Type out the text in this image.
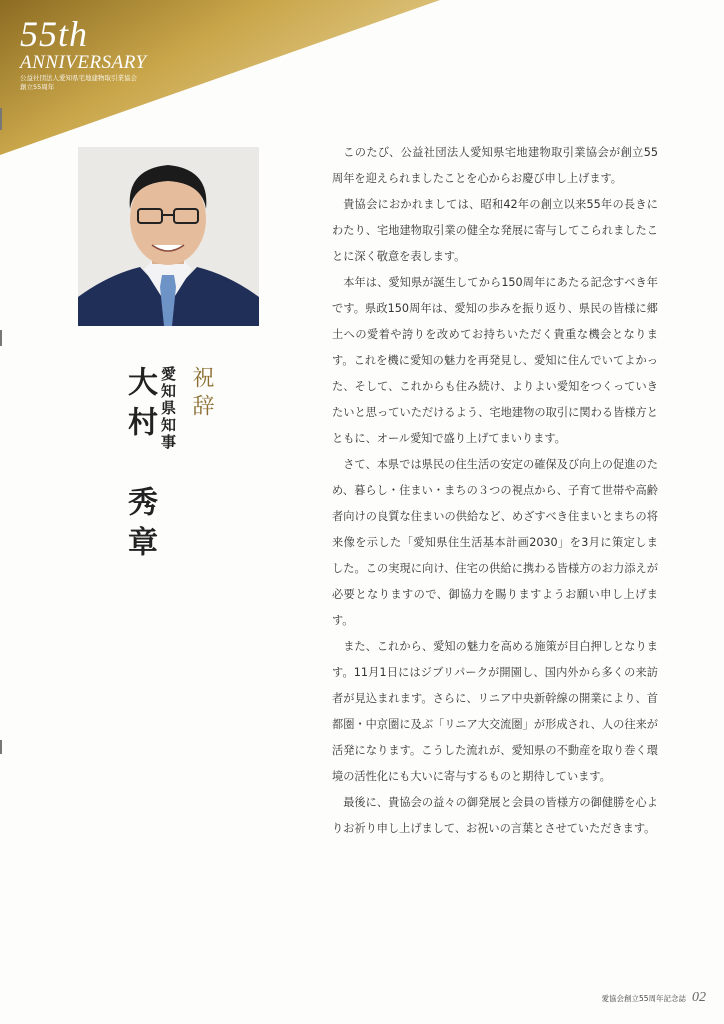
55th
ANNIVERSARY
公益社団法人愛知県宅地建物取引業協会
創立55周年
祝辞
愛知県知事
大村　秀章

このたび、公益社団法人愛知県宅地建物取引業協会が創立55周年を迎えられましたことを心からお慶び申し上げます。

貴協会におかれましては、昭和42年の創立以来55年の長きにわたり、宅地建物取引業の健全な発展に寄与してこられましたことに深く敬意を表します。

本年は、愛知県が誕生してから150周年にあたる記念すべき年です。県政150周年は、愛知の歩みを振り返り、県民の皆様に郷土への愛着や誇りを改めてお持ちいただく貴重な機会となります。これを機に愛知の魅力を再発見し、愛知に住んでいてよかった、そして、これからも住み続け、よりよい愛知をつくっていきたいと思っていただけるよう、宅地建物の取引に関わる皆様方とともに、オール愛知で盛り上げてまいります。

さて、本県では県民の住生活の安定の確保及び向上の促進のため、暮らし・住まい・まちの３つの視点から、子育て世帯や高齢者向けの良質な住まいの供給など、めざすべき住まいとまちの将来像を示した「愛知県住生活基本計画2030」を3月に策定しました。この実現に向け、住宅の供給に携わる皆様方のお力添えが必要となりますので、御協力を賜りますようお願い申し上げます。

また、これから、愛知の魅力を高める施策が目白押しとなります。11月1日にはジブリパークが開園し、国内外から多くの来訪者が見込まれます。さらに、リニア中央新幹線の開業により、首都圏・中京圏に及ぶ「リニア大交流圏」が形成され、人の往来が活発になります。こうした流れが、愛知県の不動産を取り巻く環境の活性化にも大いに寄与するものと期待しています。

最後に、貴協会の益々の御発展と会員の皆様方の御健勝を心よりお祈り申し上げまして、お祝いの言葉とさせていただきます。

愛協会創立55周年記念誌 02
